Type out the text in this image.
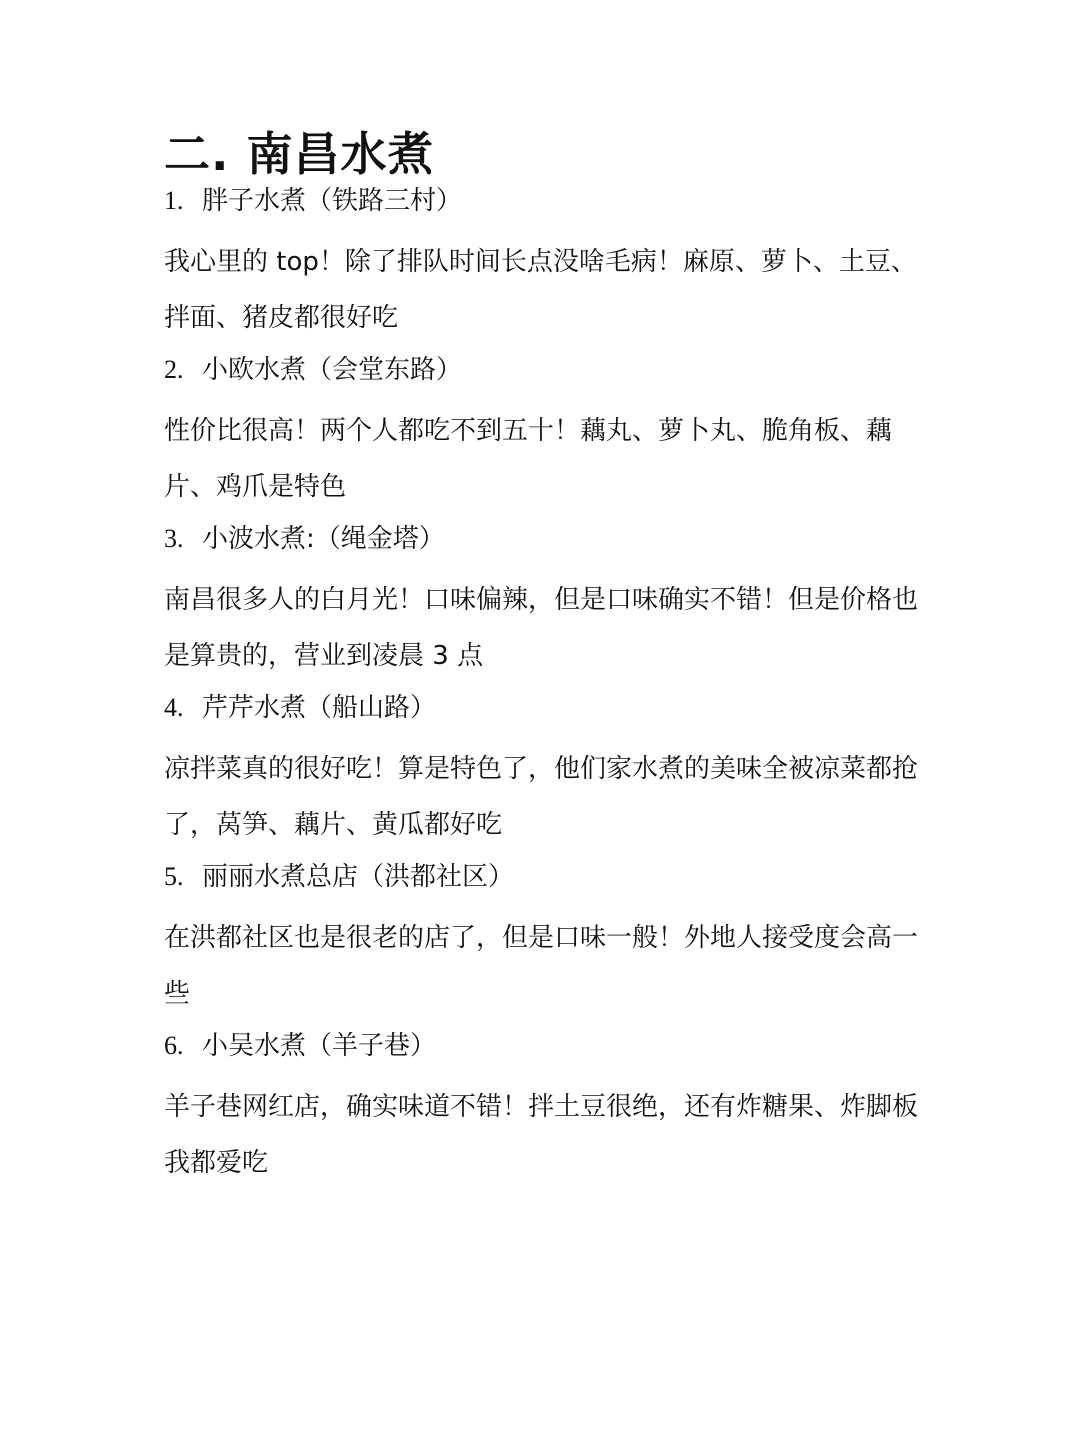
二. 南昌水煮
1. 胖子水煮（铁路三村）
我心里的 top！除了排队时间长点没啥毛病！麻原、萝卜、土豆、拌面、猪皮都很好吃
2. 小欧水煮（会堂东路）
性价比很高！两个人都吃不到五十！藕丸、萝卜丸、脆角板、藕片、鸡爪是特色
3. 小波水煮:（绳金塔）
南昌很多人的白月光！口味偏辣，但是口味确实不错！但是价格也是算贵的，营业到凌晨 3 点
4. 芹芹水煮（船山路）
凉拌菜真的很好吃！算是特色了，他们家水煮的美味全被凉菜都抢了，莴笋、藕片、黄瓜都好吃
5. 丽丽水煮总店（洪都社区）
在洪都社区也是很老的店了，但是口味一般！外地人接受度会高一些
6. 小吴水煮（羊子巷）
羊子巷网红店，确实味道不错！拌土豆很绝，还有炸糖果、炸脚板我都爱吃
